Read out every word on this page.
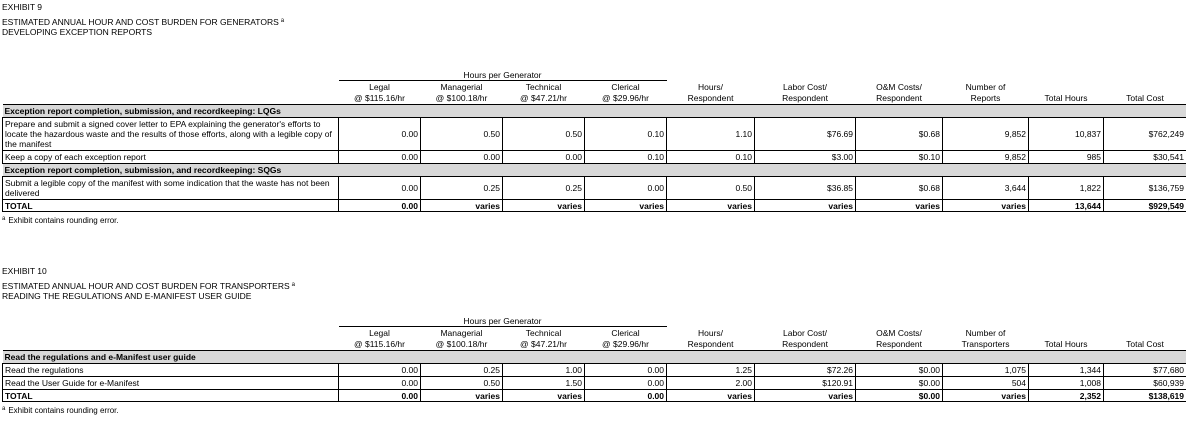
EXHIBIT 9
ESTIMATED ANNUAL HOUR AND COST BURDEN FOR GENERATORS $^a$
DEVELOPING EXCEPTION REPORTS
	Hours per Generator									
	Legal	Managerial	Technical	Clerical	Hours/	Labor Cost/	O&M Costs/	Number of		
	@ $115.16/hr	@ $100.18/hr	@ $47.21/hr	@ $29.96/hr	Respondent	Respondent	Respondent	Reports	Total Hours	Total Cost
Exception report completion, submission, and recordkeeping: LQGs										
Prepare and submit a signed cover letter to EPA explaining the generator's efforts to locate the hazardous waste and the results of those efforts, along with a legible copy of the manifest	0.00	0.50	0.50	0.10	1.10	$76.69	$0.68	9,852	10,837	$762,249
Keep a copy of each exception report	0.00	0.00	0.00	0.10	0.10	$3.00	$0.10	9,852	985	$30,541
Exception report completion, submission, and recordkeeping: SQGs										
Submit a legible copy of the manifest with some indication that the waste has not been delivered	0.00	0.25	0.25	0.00	0.50	$36.85	$0.68	3,644	1,822	$136,759
TOTAL	0.00	varies	varies	varies	varies	varies	varies	varies	13,644	$929,549
$^a$ Exhibit contains rounding error.
EXHIBIT 10
ESTIMATED ANNUAL HOUR AND COST BURDEN FOR TRANSPORTERS $^a$
READING THE REGULATIONS AND E-MANIFEST USER GUIDE
	Hours per Generator									
	Legal	Managerial	Technical	Clerical	Hours/	Labor Cost/	O&M Costs/	Number of		
	@ $115.16/hr	@ $100.18/hr	@ $47.21/hr	@ $29.96/hr	Respondent	Respondent	Respondent	Transporters	Total Hours	Total Cost
Read the regulations and e-Manifest user guide										
Read the regulations	0.00	0.25	1.00	0.00	1.25	$72.26	$0.00	1,075	1,344	$77,680
Read the User Guide for e-Manifest	0.00	0.50	1.50	0.00	2.00	$120.91	$0.00	504	1,008	$60,939
TOTAL	0.00	varies	varies	0.00	varies	varies	$0.00	varies	2,352	$138,619
$^a$ Exhibit contains rounding error.
